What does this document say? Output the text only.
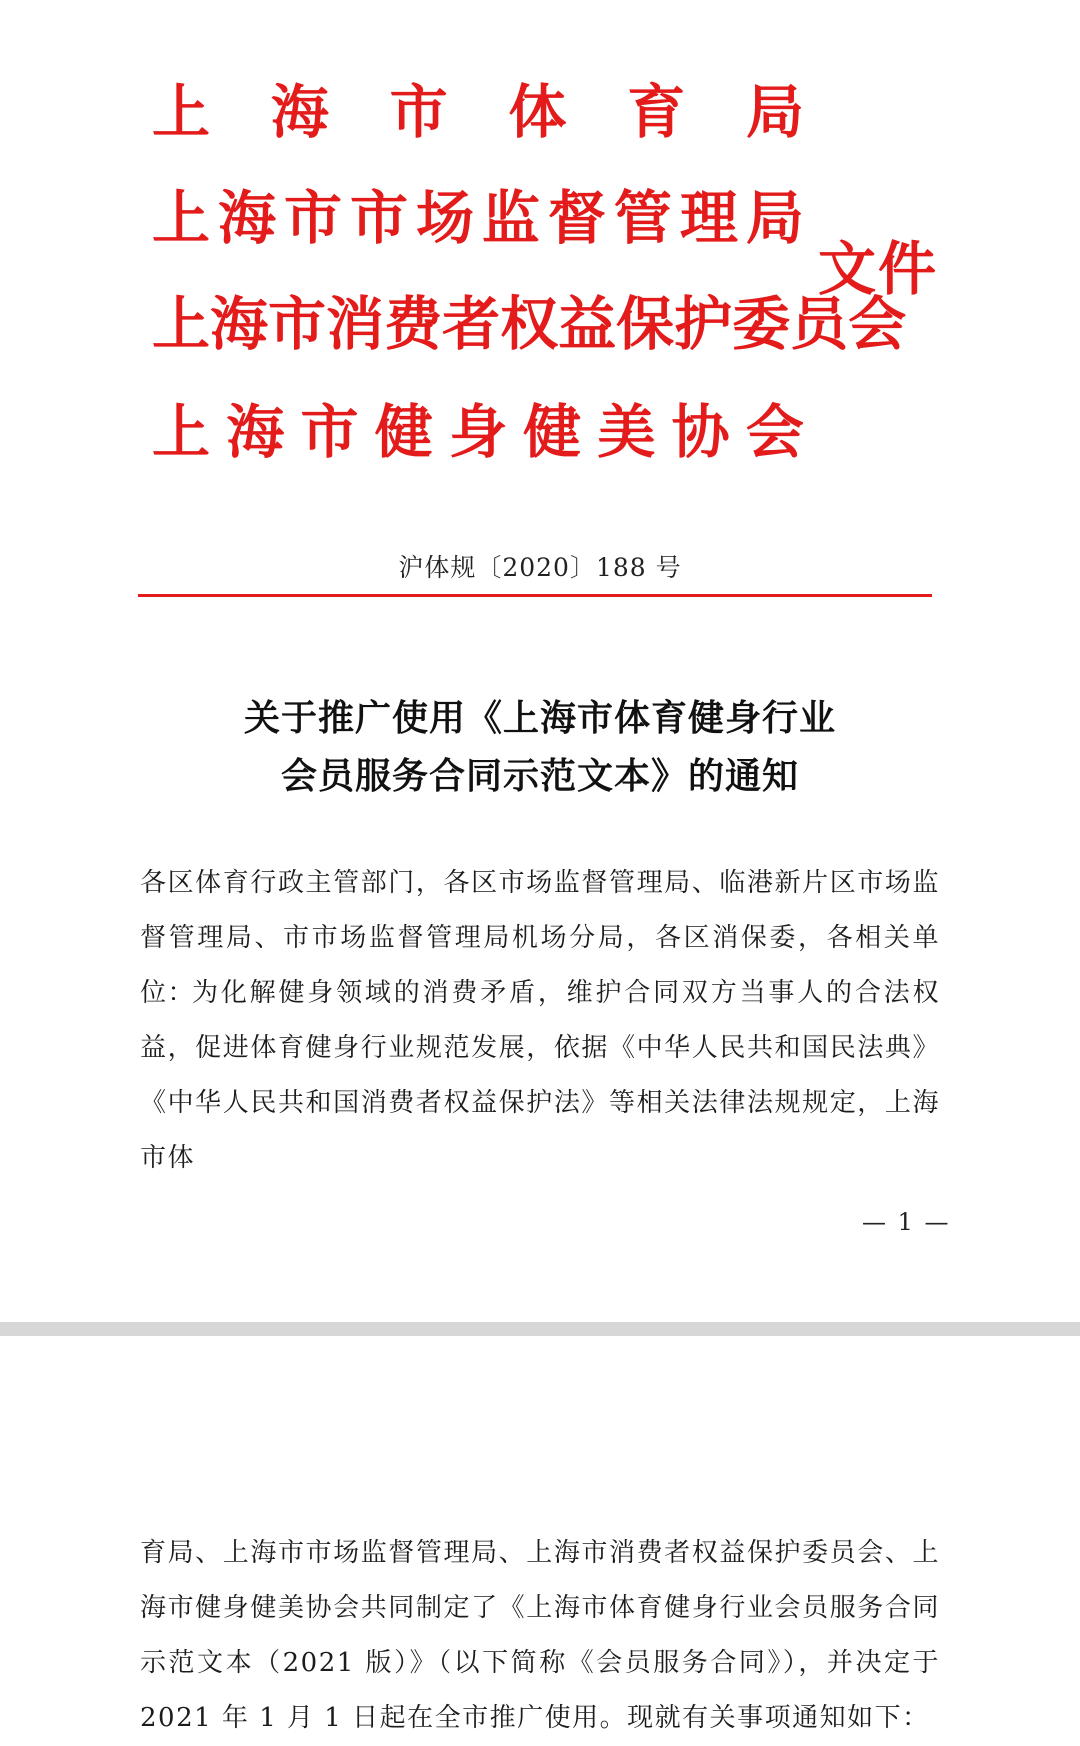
上 海 市 体 育 局
上 海 市 市 场 监 督 管 理 局
上 海 市 消 费 者 权 益 保 护 委 员 会
上 海 市 健 身 健 美 协 会
文件
沪体规〔2020〕188 号
关于推广使用《上海市体育健身行业
会员服务合同示范文本》的通知
各区体育行政主管部门，各区市场监督管理局、临港新片区市场监督管理局、市市场监督管理局机场分局，各区消保委，各相关单位：
为化解健身领域的消费矛盾，维护合同双方当事人的合法权益，促进体育健身行业规范发展，依据《中华人民共和国民法典》《中华人民共和国消费者权益保护法》等相关法律法规规定，上海市体
— 1 —
育局、上海市市场监督管理局、上海市消费者权益保护委员会、上海市健身健美协会共同制定了《上海市体育健身行业会员服务合同示范文本（2021 版）》（以下简称《会员服务合同》），并决定于 2021 年 1 月 1 日起在全市推广使用。现就有关事项通知如下：
